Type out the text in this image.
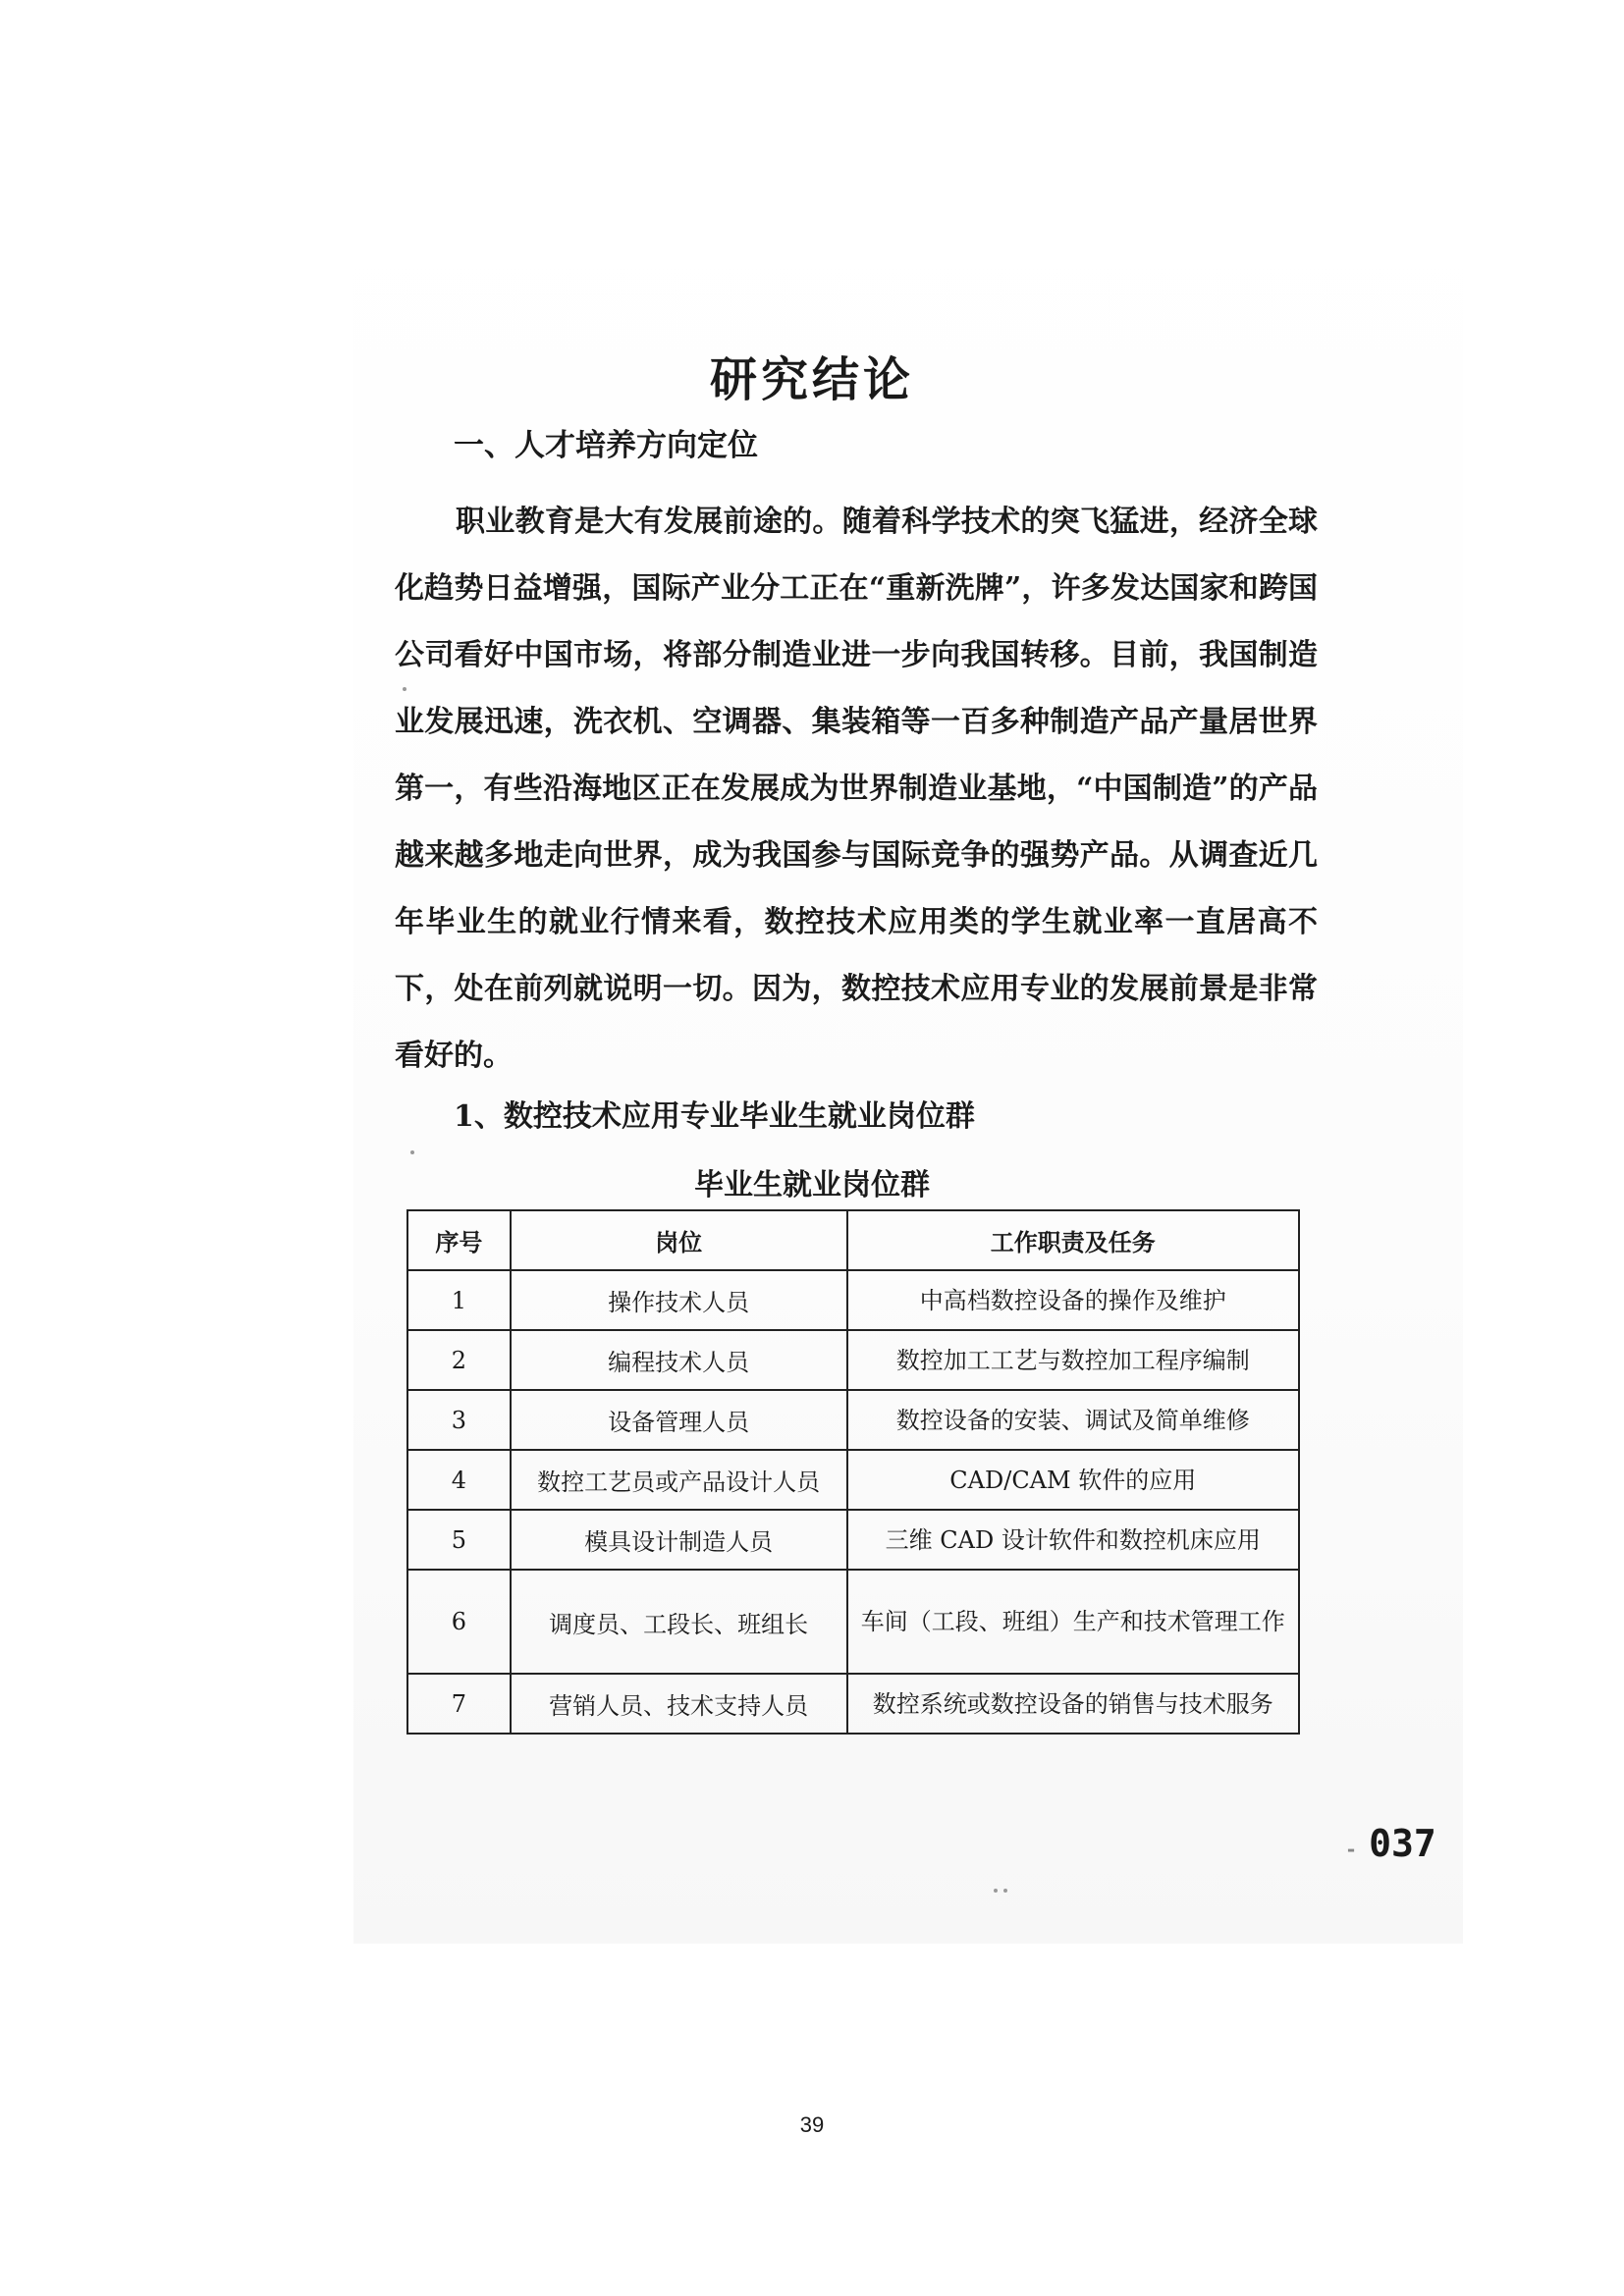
研究结论
一、人才培养方向定位

职业教育是大有发展前途的。随着科学技术的突飞猛进，经济全球化趋势日益增强，国际产业分工正在“重新洗牌”，许多发达国家和跨国公司看好中国市场，将部分制造业进一步向我国转移。目前，我国制造业发展迅速，洗衣机、空调器、集装箱等一百多种制造产品产量居世界第一，有些沿海地区正在发展成为世界制造业基地，“中国制造”的产品越来越多地走向世界，成为我国参与国际竞争的强势产品。从调查近几年毕业生的就业行情来看，数控技术应用类的学生就业率一直居高不下，处在前列就说明一切。因为，数控技术应用专业的发展前景是非常看好的。

1、数控技术应用专业毕业生就业岗位群
毕业生就业岗位群
序号	岗位	工作职责及任务
1	操作技术人员	中高档数控设备的操作及维护
2	编程技术人员	数控加工工艺与数控加工程序编制
3	设备管理人员	数控设备的安装、调试及简单维修
4	数控工艺员或产品设计人员	CAD/CAM 软件的应用
5	模具设计制造人员	三维 CAD 设计软件和数控机床应用
6	调度员、工段长、班组长	车间（工段、班组）生产和技术管理工作
7	营销人员、技术支持人员	数控系统或数控设备的销售与技术服务
- 037
39
